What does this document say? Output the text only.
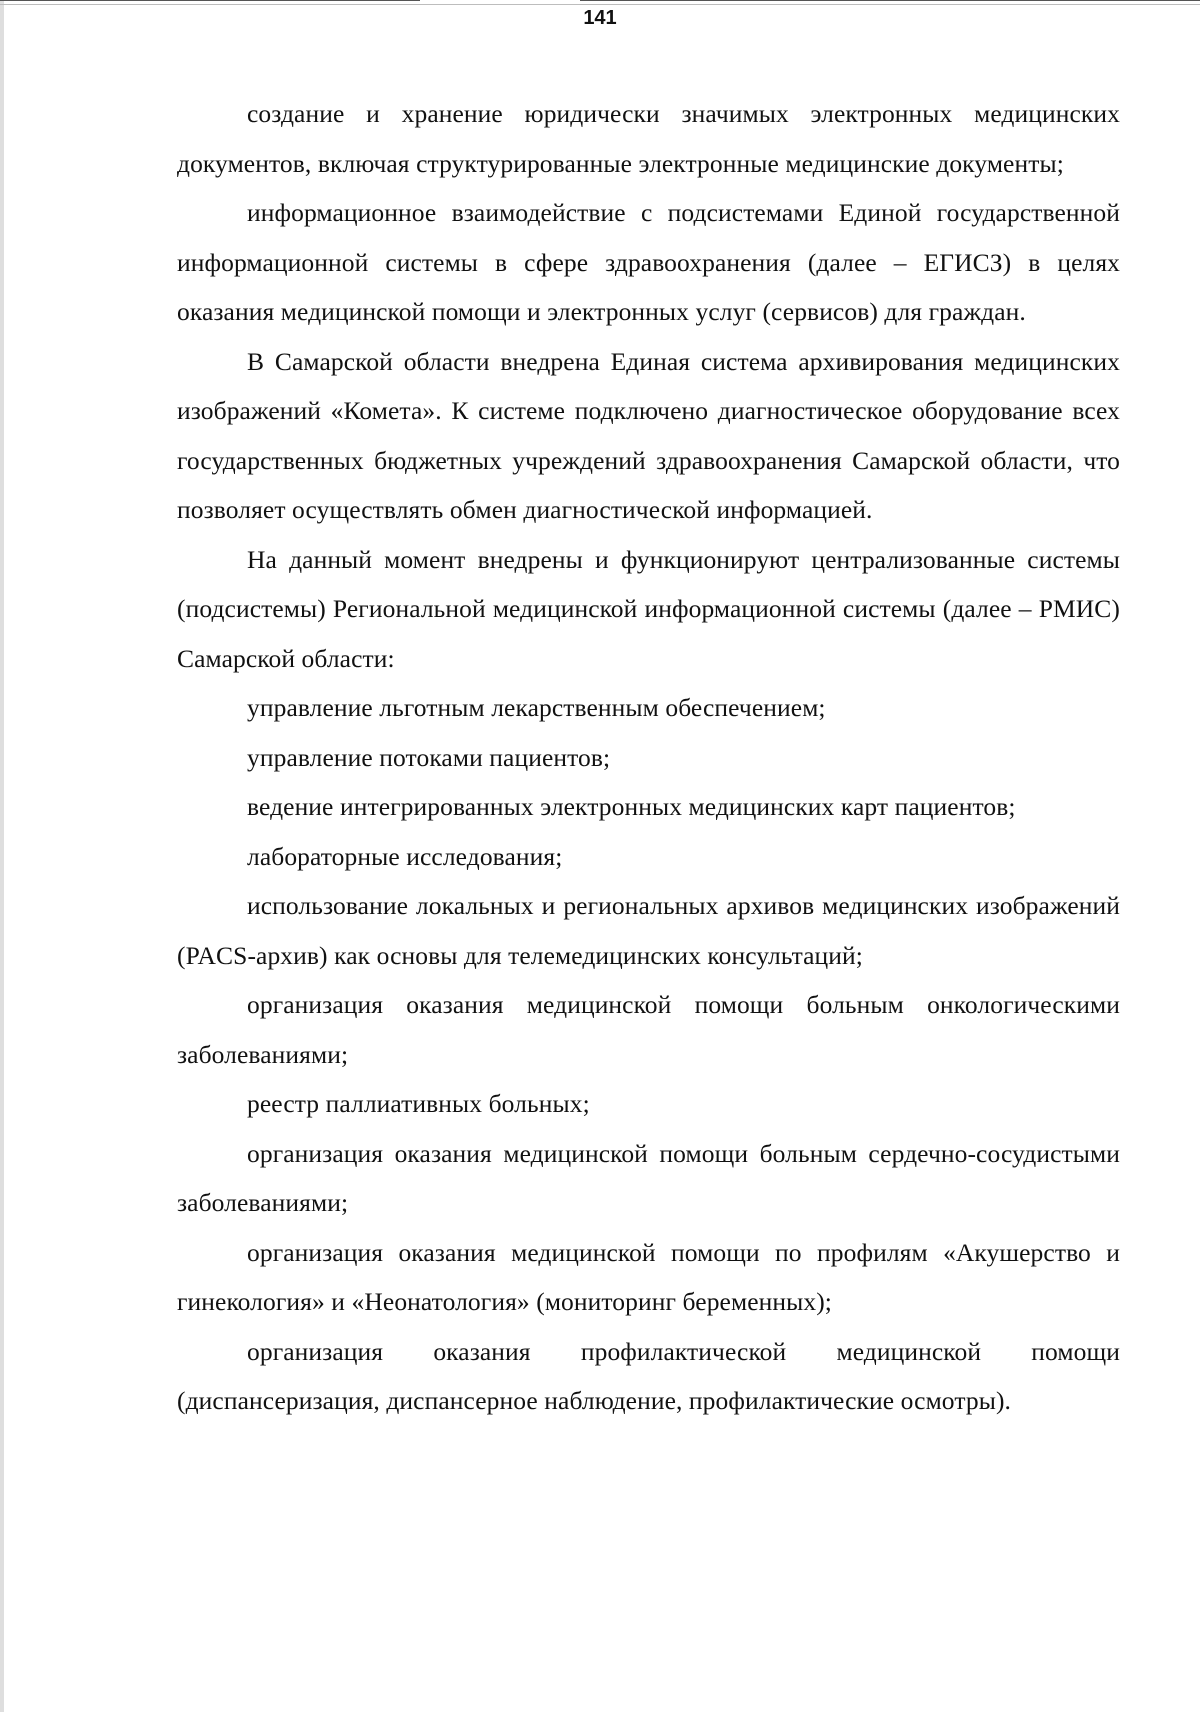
141

создание и хранение юридически значимых электронных медицинских документов, включая структурированные электронные медицинские документы;

информационное взаимодействие с подсистемами Единой государственной информационной системы в сфере здравоохранения (далее – ЕГИСЗ) в целях оказания медицинской помощи и электронных услуг (сервисов) для граждан.

В Самарской области внедрена Единая система архивирования медицинских изображений «Комета». К системе подключено диагностическое оборудование всех государственных бюджетных учреждений здравоохранения Самарской области, что позволяет осуществлять обмен диагностической информацией.

На данный момент внедрены и функционируют централизованные системы (подсистемы) Региональной медицинской информационной системы (далее – РМИС) Самарской области:

управление льготным лекарственным обеспечением;

управление потоками пациентов;

ведение интегрированных электронных медицинских карт пациентов;

лабораторные исследования;

использование локальных и региональных архивов медицинских изображений (PACS-архив) как основы для телемедицинских консультаций;

организация оказания медицинской помощи больным онкологическими заболеваниями;

реестр паллиативных больных;

организация оказания медицинской помощи больным сердечно-сосудистыми заболеваниями;

организация оказания медицинской помощи по профилям «Акушерство и гинекология» и «Неонатология» (мониторинг беременных);

организация оказания профилактической медицинской помощи (диспансеризация, диспансерное наблюдение, профилактические осмотры).
